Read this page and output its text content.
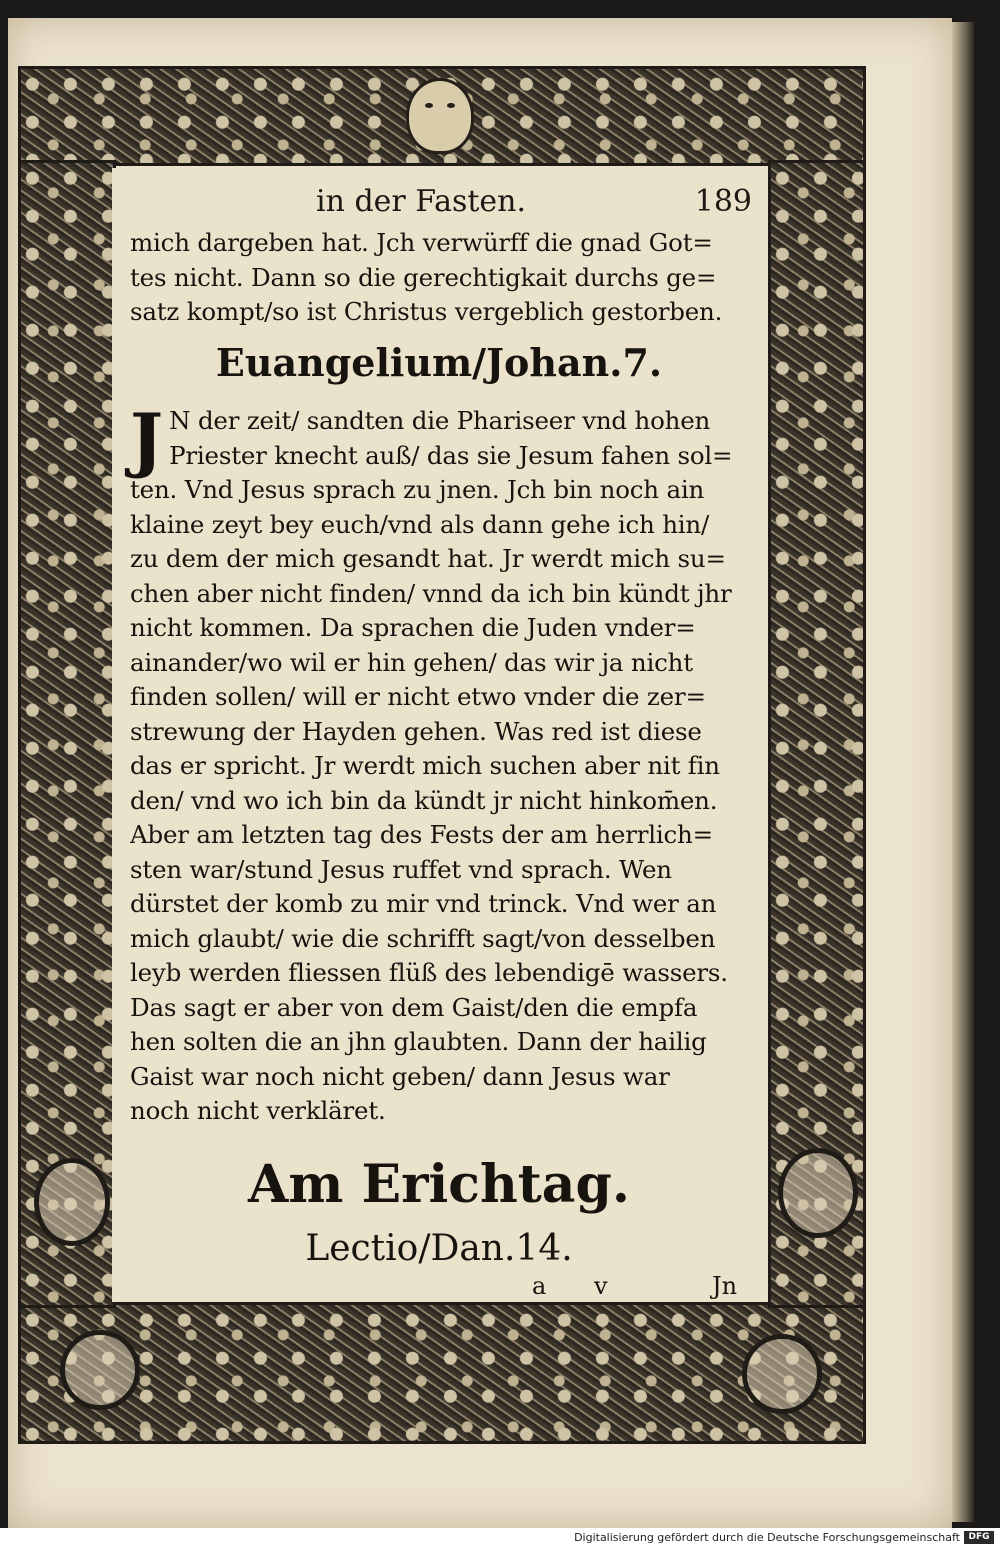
in der Fasten.	189
mich dargeben hat. Jch verwürff die gnad Got=
tes nicht. Dann so die gerechtigkait durchs ge=
satz kompt/so ist Christus vergeblich gestorben.
Euangelium/Johan.7.
J N der zeit/ sandten die Phariseer vnd hohen
Priester knecht auß/ das sie Jesum fahen sol=
ten. Vnd Jesus sprach zu jnen. Jch bin noch ain
klaine zeyt bey euch/vnd als dann gehe ich hin/
zu dem der mich gesandt hat. Jr werdt mich su=
chen aber nicht finden/ vnnd da ich bin kündt jhr
nicht kommen. Da sprachen die Juden vnder=
ainander/wo wil er hin gehen/ das wir ja nicht
finden sollen/ will er nicht etwo vnder die zer=
strewung der Hayden gehen. Was red ist diese
das er spricht. Jr werdt mich suchen aber nit fin
den/ vnd wo ich bin da kündt jr nicht hinkom̄en.
Aber am letzten tag des Fests der am herrlich=
sten war/stund Jesus ruffet vnd sprach. Wen
dürstet der komb zu mir vnd trinck. Vnd wer an
mich glaubt/ wie die schrifft sagt/von desselben
leyb werden fliessen flüß des lebendigē wassers.
Das sagt er aber von dem Gaist/den die empfa
hen solten die an jhn glaubten. Dann der hailig
Gaist war noch nicht geben/ dann Jesus war
noch nicht verkläret.
Am Erichtag.
Lectio/Dan.14.
a v	Jn
Digitalisierung gefördert durch die Deutsche Forschungsgemeinschaft DFG
